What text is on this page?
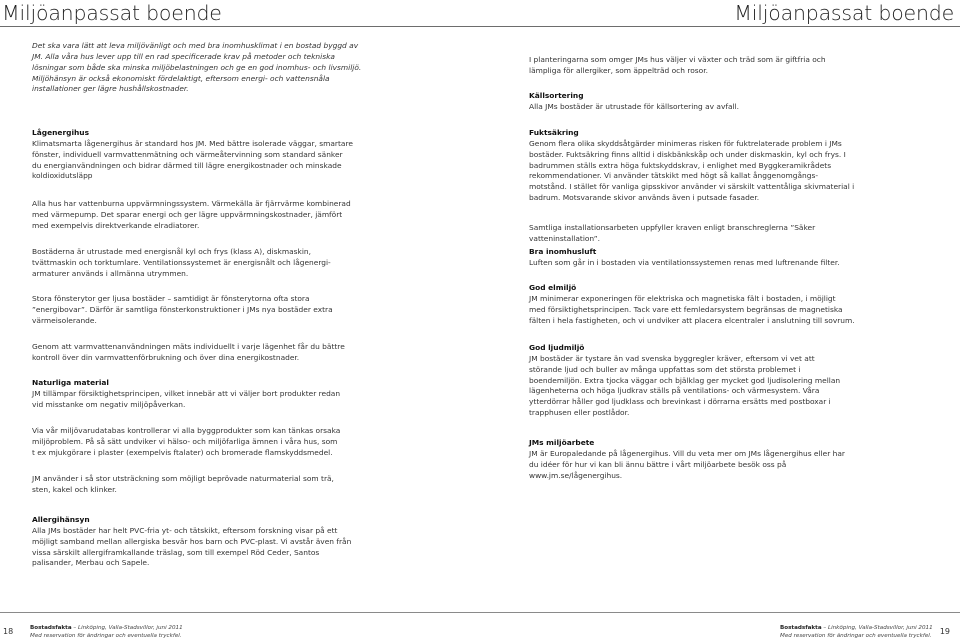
Miljöanpassat boende

Det ska vara lätt att leva miljövänligt och med bra inomhusklimat i en bostad byggd av
JM. Alla våra hus lever upp till en rad specificerade krav på metoder och tekniska
lösningar som både ska minska miljöbelastningen och ge en god inomhus- och livsmiljö.
Miljöhänsyn är också ekonomiskt fördelaktigt, eftersom energi- och vattensnåla
installationer ger lägre hushållskostnader.

Lågenergihus

Klimatsmarta lågenergihus är standard hos JM. Med bättre isolerade väggar, smartare
fönster, individuell varmvattenmätning och värmeåtervinning som standard sänker
du energianvändningen och bidrar därmed till lägre energikostnader och minskade
koldioxidutsläpp

Alla hus har vattenburna uppvärmningssystem. Värmekälla är fjärrvärme kombinerad
med värmepump. Det sparar energi och ger lägre uppvärmningskostnader, jämfört
med exempelvis direktverkande elradiatorer.

Bostäderna är utrustade med energisnål kyl och frys (klass A), diskmaskin,
tvättmaskin och torktumlare. Ventilationssystemet är energisnålt och lågenergi-
armaturer används i allmänna utrymmen.

Stora fönsterytor ger ljusa bostäder – samtidigt är fönsterytorna ofta stora
”energibovar”. Därför är samtliga fönsterkonstruktioner i JMs nya bostäder extra
värmeisolerande.

Genom att varmvattenanvändningen mäts individuellt i varje lägenhet får du bättre
kontroll över din varmvattenförbrukning och över dina energikostnader.

Naturliga material

JM tillämpar försiktighetsprincipen, vilket innebär att vi väljer bort produkter redan
vid misstanke om negativ miljöpåverkan.

Via vår miljövarudatabas kontrollerar vi alla byggprodukter som kan tänkas orsaka
miljöproblem. På så sätt undviker vi hälso- och miljöfarliga ämnen i våra hus, som
t ex mjukgörare i plaster (exempelvis ftalater) och bromerade flamskyddsmedel.

JM använder i så stor utsträckning som möjligt beprövade naturmaterial som trä,
sten, kakel och klinker.

Allergihänsyn

Alla JMs bostäder har helt PVC-fria yt- och tätskikt, eftersom forskning visar på ett
möjligt samband mellan allergiska besvär hos barn och PVC-plast. Vi avstår även från
vissa särskilt allergiframkallande träslag, som till exempel Röd Ceder, Santos
palisander, Merbau och Sapele.

18	Bostadsfakta – Linköping, Valla-Stadsvillor, juni 2011
Med reservation för ändringar och eventuella tryckfel.
Miljöanpassat boende

I planteringarna som omger JMs hus väljer vi växter och träd som är giftfria och
lämpliga för allergiker, som äppelträd och rosor.

Källsortering

Alla JMs bostäder är utrustade för källsortering av avfall.

Fuktsäkring

Genom flera olika skyddsåtgärder minimeras risken för fuktrelaterade problem i JMs
bostäder. Fuktsäkring finns alltid i diskbänkskåp och under diskmaskin, kyl och frys. I
badrummen ställs extra höga fuktskyddskrav, i enlighet med Byggkeramikrådets
rekommendationer. Vi använder tätskikt med högt så kallat ånggenomgångs-
motstånd. I stället för vanliga gipsskivor använder vi särskilt vattentåliga skivmaterial i
badrum. Motsvarande skivor används även i putsade fasader.

Samtliga installationsarbeten uppfyller kraven enligt branschreglerna ”Säker vatteninstallation”.

Bra inomhusluft

Luften som går in i bostaden via ventilationssystemen renas med luftrenande filter.

God elmiljö

JM minimerar exponeringen för elektriska och magnetiska fält i bostaden, i möjligt
med försiktighetsprincipen. Tack vare ett femledarsystem begränsas de magnetiska
fälten i hela fastigheten, och vi undviker att placera elcentraler i anslutning till sovrum.

God ljudmiljö

JM bostäder är tystare än vad svenska byggregler kräver, eftersom vi vet att
störande ljud och buller av många uppfattas som det största problemet i
boendemiljön. Extra tjocka väggar och bjälklag ger mycket god ljudisolering mellan
lägenheterna och höga ljudkrav ställs på ventilations- och värmesystem. Våra
ytterdörrar håller god ljudklass och brevinkast i dörrarna ersätts med postboxar i
trapphusen eller postlådor.

JMs miljöarbete

JM är Europaledande på lågenergihus. Vill du veta mer om JMs lågenergihus eller har
du idéer för hur vi kan bli ännu bättre i vårt miljöarbete besök oss på
www.jm.se/lågenergihus.

Bostadsfakta – Linköping, Valla-Stadsvillor, juni 2011
Med reservation för ändringar och eventuella tryckfel. 19
